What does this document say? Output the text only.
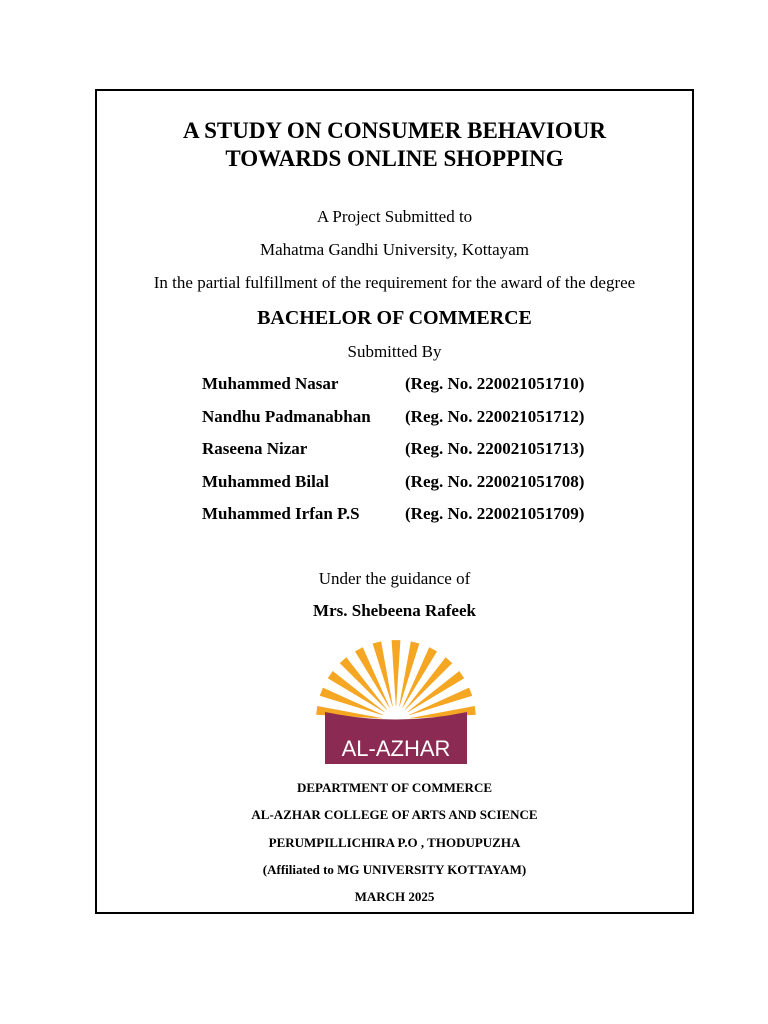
A STUDY ON CONSUMER BEHAVIOUR
TOWARDS ONLINE SHOPPING
A Project Submitted to
Mahatma Gandhi University, Kottayam
In the partial fulfillment of the requirement for the award of the degree
BACHELOR OF COMMERCE
Submitted By
Muhammed Nasar	(Reg. No. 220021051710)
Nandhu Padmanabhan (Reg. No. 220021051712)
Raseena Nizar	(Reg. No. 220021051713)
Muhammed Bilal	(Reg. No. 220021051708)
Muhammed Irfan P.S	(Reg. No. 220021051709)
Under the guidance of
Mrs. Shebeena Rafeek
AL-AZHAR
DEPARTMENT OF COMMERCE
AL-AZHAR COLLEGE OF ARTS AND SCIENCE
PERUMPILLICHIRA P.O , THODUPUZHA
(Affiliated to MG UNIVERSITY KOTTAYAM)
MARCH 2025
